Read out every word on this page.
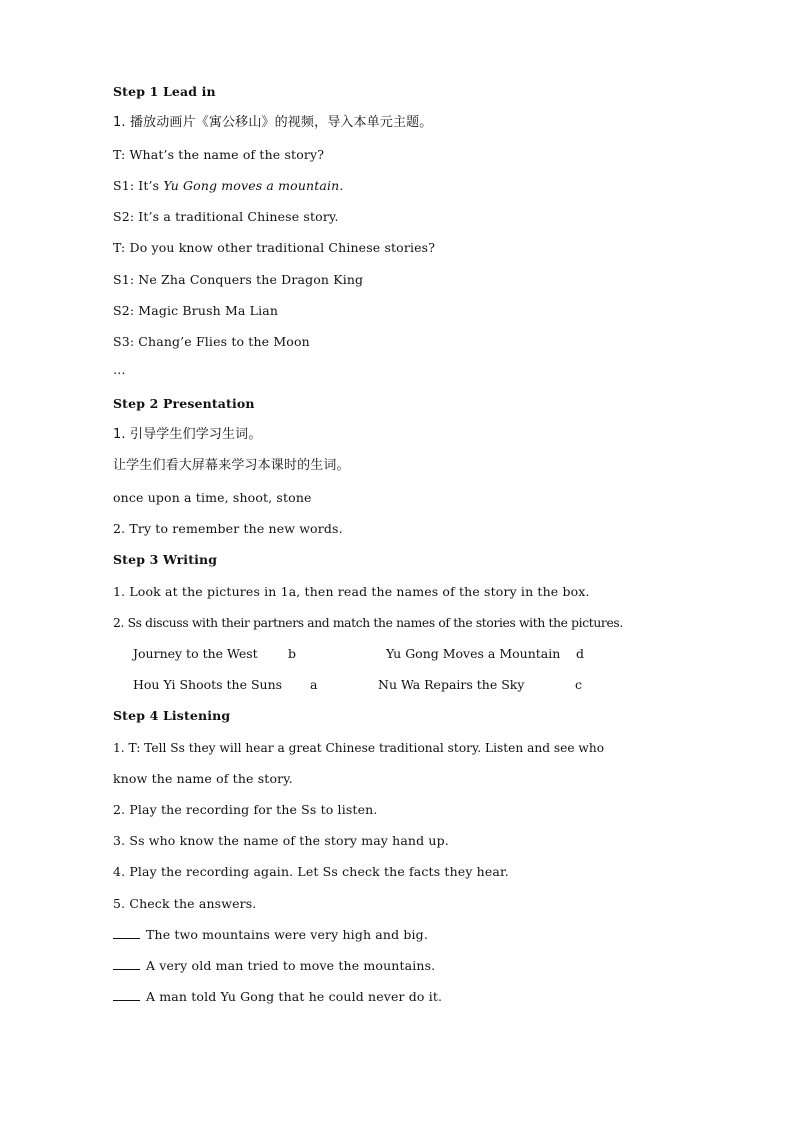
Step 1 Lead in
1. 播放动画片《寓公移山》的视频，导入本单元主题。
T: What’s the name of the story?
S1: It’s Yu Gong moves a mountain.
S2: It’s a traditional Chinese story.
T: Do you know other traditional Chinese stories?
S1: Ne Zha Conquers the Dragon King
S2: Magic Brush Ma Lian
S3: Chang’e Flies to the Moon
…
Step 2 Presentation
1. 引导学生们学习生词。
让学生们看大屏幕来学习本课时的生词。
once upon a time, shoot, stone
2. Try to remember the new words.
Step 3 Writing
1. Look at the pictures in 1a, then read the names of the story in the box.
2. Ss discuss with their partners and match the names of the stories with the pictures.
Journey to the West b	Yu Gong Moves a Mountain d
Hou Yi Shoots the Suns a	Nu Wa Repairs the Sky	c
Step 4 Listening
1. T: Tell Ss they will hear a great Chinese traditional story. Listen and see who
know the name of the story.
2. Play the recording for the Ss to listen.
3. Ss who know the name of the story may hand up.
4. Play the recording again. Let Ss check the facts they hear.
5. Check the answers.
The two mountains were very high and big.
A very old man tried to move the mountains.
A man told Yu Gong that he could never do it.
